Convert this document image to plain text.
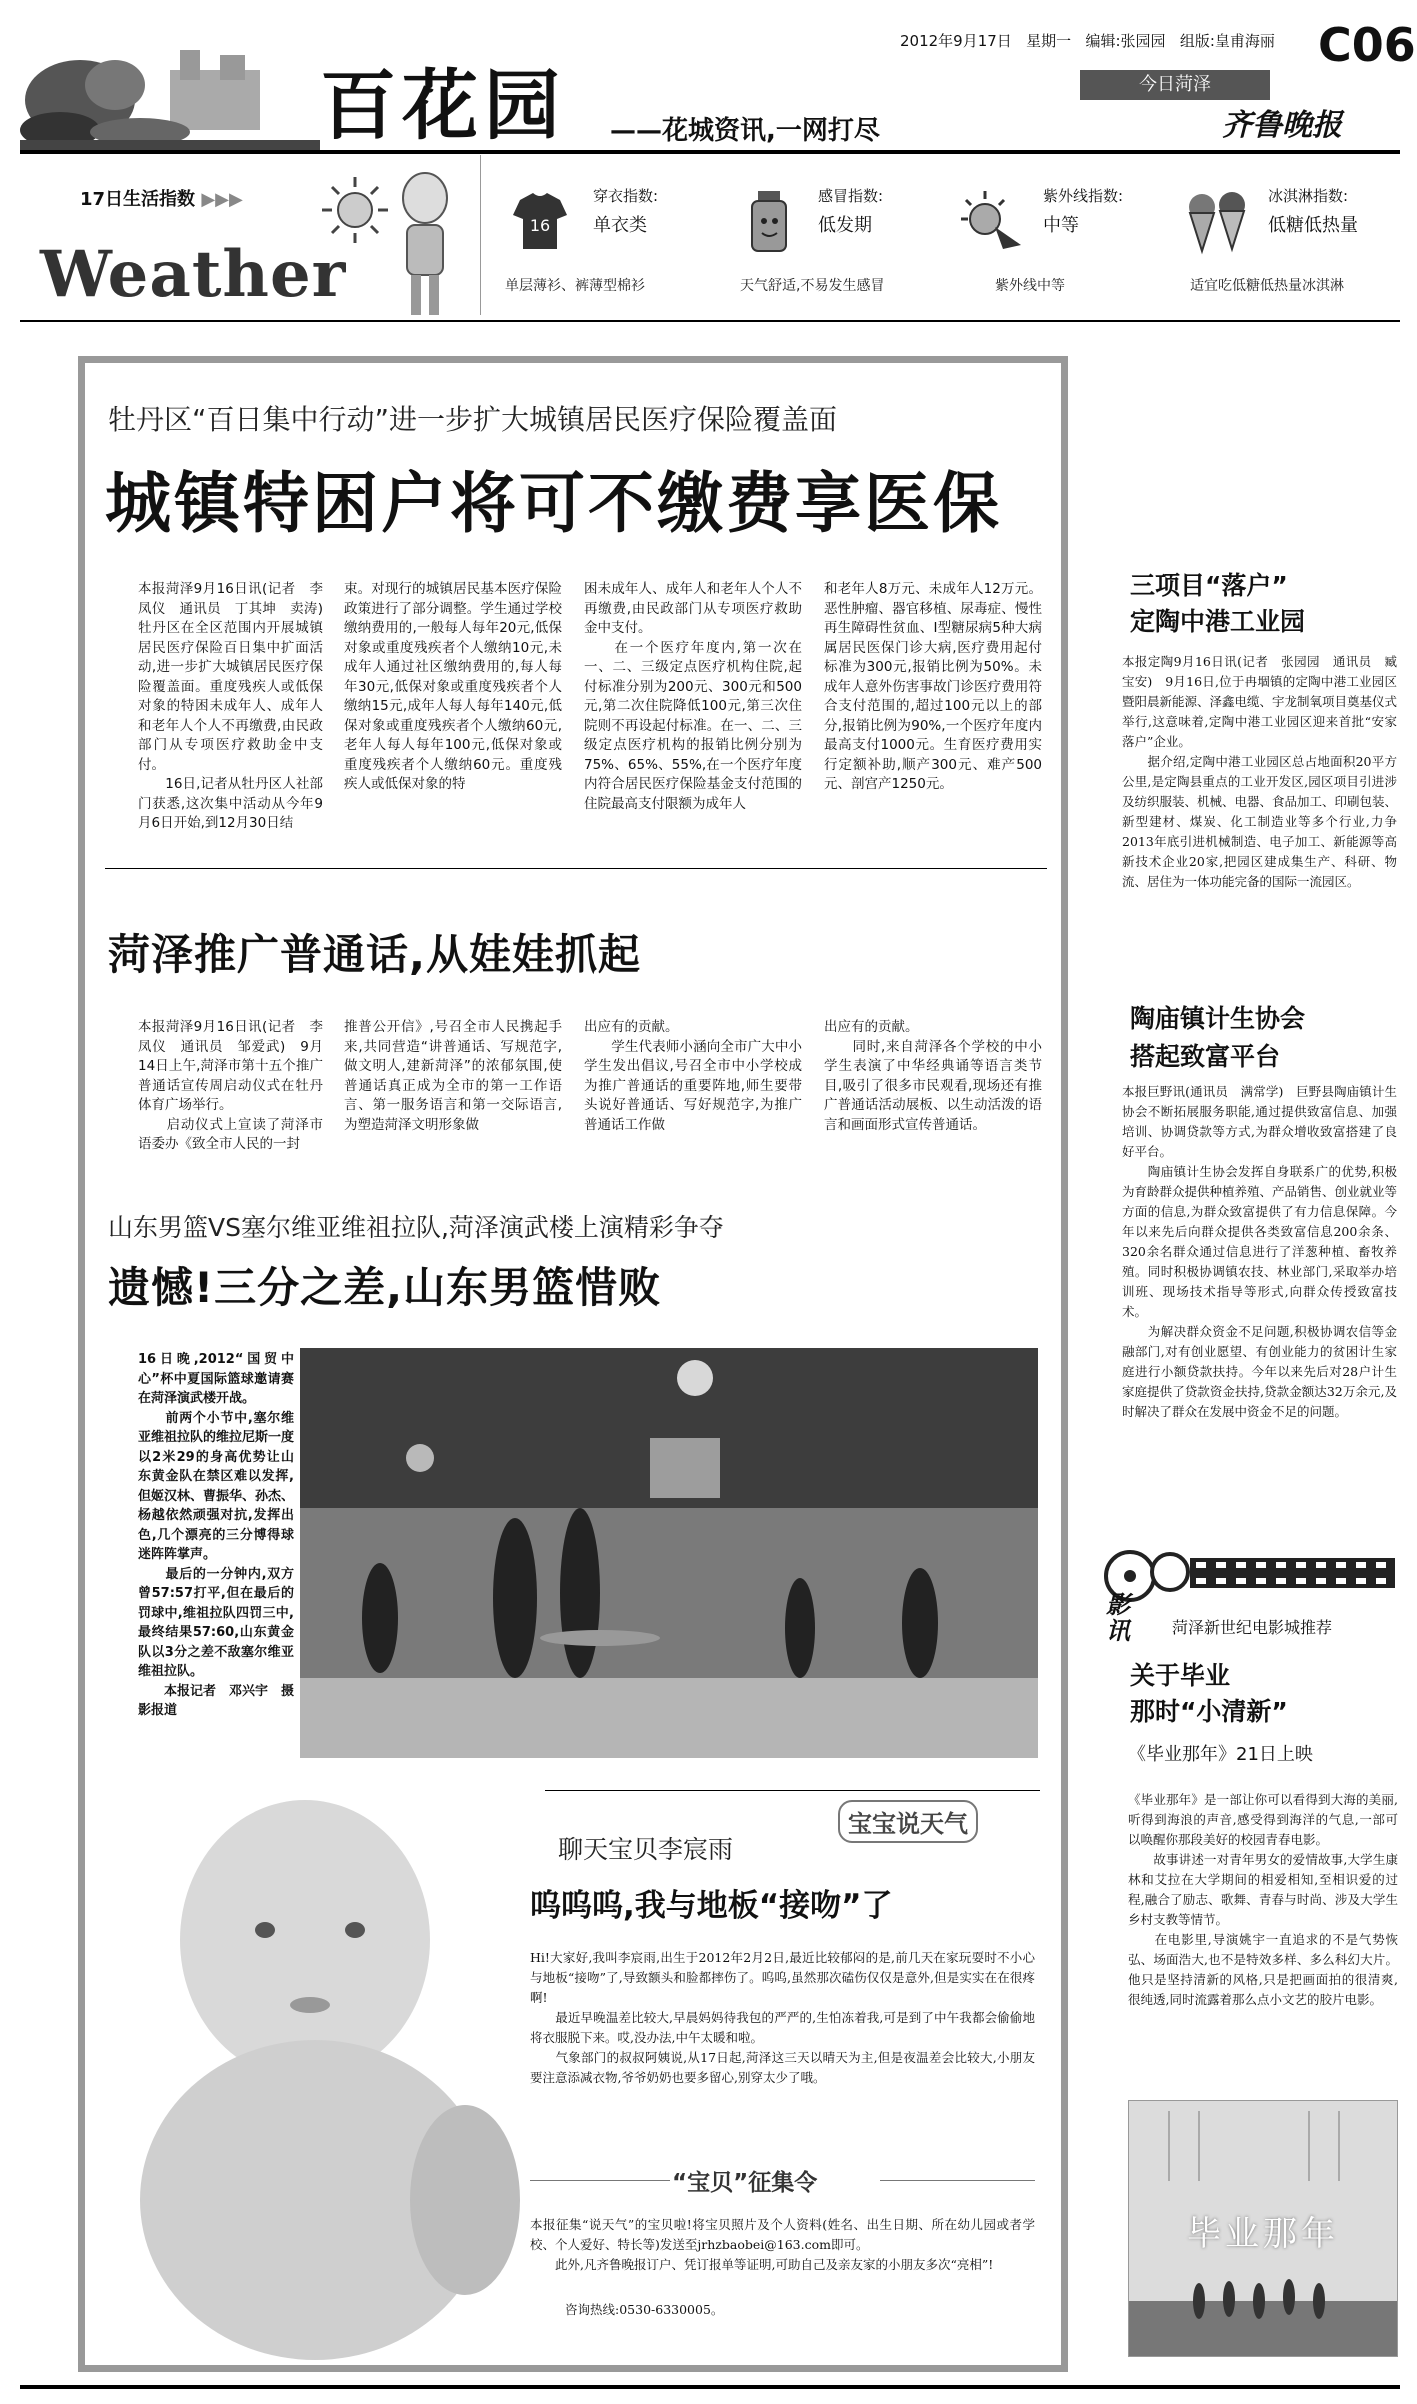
百花园 ——花城资讯,一网打尽
2012年9月17日 星期一 编辑:张园园 组版:皇甫海丽 C06
今日菏泽
齐鲁晚报
17日生活指数 ▶▶▶
Weather
16
穿衣指数:
单衣类
感冒指数:
低发期
紫外线指数:
中等
冰淇淋指数:
低糖低热量
单层薄衫、裤薄型棉衫	天气舒适,不易发生感冒	紫外线中等	适宜吃低糖低热量冰淇淋
牡丹区“百日集中行动”进一步扩大城镇居民医疗保险覆盖面
城镇特困户将可不缴费享医保
本报菏泽9月16日讯(记者　李凤仪　通讯员　丁其坤　卖涛)　牡丹区在全区范围内开展城镇居民医疗保险百日集中扩面活动,进一步扩大城镇居民医疗保险覆盖面。重度残疾人或低保对象的特困未成年人、成年人和老年人个人不再缴费,由民政部门从专项医疗救助金中支付。
　　16日,记者从牡丹区人社部门获悉,这次集中活动从今年9月6日开始,到12月30日结
束。对现行的城镇居民基本医疗保险政策进行了部分调整。学生通过学校缴纳费用的,一般每人每年20元,低保对象或重度残疾者个人缴纳10元,未成年人通过社区缴纳费用的,每人每年30元,低保对象或重度残疾者个人缴纳15元,成年人每人每年140元,低保对象或重度残疾者个人缴纳60元,老年人每人每年100元,低保对象或重度残疾者个人缴纳60元。重度残疾人或低保对象的特
困未成年人、成年人和老年人个人不再缴费,由民政部门从专项医疗救助金中支付。
　　在一个医疗年度内,第一次在一、二、三级定点医疗机构住院,起付标准分别为200元、300元和500元,第二次住院降低100元,第三次住院则不再设起付标准。在一、二、三级定点医疗机构的报销比例分别为75%、65%、55%,在一个医疗年度内符合居民医疗保险基金支付范围的住院最高支付限额为成年人
和老年人8万元、未成年人12万元。恶性肿瘤、器官移植、尿毒症、慢性再生障碍性贫血、Ⅰ型糖尿病5种大病属居民医保门诊大病,医疗费用起付标准为300元,报销比例为50%。未成年人意外伤害事故门诊医疗费用符合支付范围的,超过100元以上的部分,报销比例为90%,一个医疗年度内最高支付1000元。生育医疗费用实行定额补助,顺产300元、难产500元、剖宫产1250元。
菏泽推广普通话,从娃娃抓起
本报菏泽9月16日讯(记者　李凤仪　通讯员　邹爱武)　9月14日上午,菏泽市第十五个推广普通话宣传周启动仪式在牡丹体育广场举行。
　　启动仪式上宣读了菏泽市语委办《致全市人民的一封
推普公开信》,号召全市人民携起手来,共同营造“讲普通话、写规范字,做文明人,建新菏泽”的浓郁氛围,使普通话真正成为全市的第一工作语言、第一服务语言和第一交际语言,为塑造菏泽文明形象做
出应有的贡献。
　　学生代表师小涵向全市广大中小学生发出倡议,号召全市中小学校成为推广普通话的重要阵地,师生要带头说好普通话、写好规范字,为推广普通话工作做
出应有的贡献。
　　同时,来自菏泽各个学校的中小学生表演了中华经典诵等语言类节目,吸引了很多市民观看,现场还有推广普通话活动展板、以生动活泼的语言和画面形式宣传普通话。
山东男篮VS塞尔维亚维祖拉队,菏泽演武楼上演精彩争夺
遗憾!三分之差,山东男篮惜败
16日晚,2012“国贸中心”杯中夏国际篮球邀请赛在菏泽演武楼开战。
　　前两个小节中,塞尔维亚维祖拉队的维拉尼斯一度以2米29的身高优势让山东黄金队在禁区难以发挥,但姬汉林、曹振华、孙杰、杨越依然顽强对抗,发挥出色,几个漂亮的三分博得球迷阵阵掌声。
　　最后的一分钟内,双方曾57:57打平,但在最后的罚球中,维祖拉队四罚三中,最终结果57:60,山东黄金队以3分之差不敌塞尔维亚维祖拉队。
　　本报记者　邓兴宇　摄影报道
宝宝说天气
聊天宝贝李宸雨
呜呜呜,我与地板“接吻”了
Hi!大家好,我叫李宸雨,出生于2012年2月2日,最近比较郁闷的是,前几天在家玩耍时不小心与地板“接吻”了,导致额头和脸都摔伤了。呜呜,虽然那次磕伤仅仅是意外,但是实实在在很疼啊!
　　最近早晚温差比较大,早晨妈妈待我包的严严的,生怕冻着我,可是到了中午我都会偷偷地将衣服脱下来。哎,没办法,中午太暖和啦。
　　气象部门的叔叔阿姨说,从17日起,菏泽这三天以晴天为主,但是夜温差会比较大,小朋友要注意添减衣物,爷爷奶奶也要多留心,别穿太少了哦。
“宝贝”征集令
本报征集“说天气”的宝贝啦!将宝贝照片及个人资料(姓名、出生日期、所在幼儿园或者学校、个人爱好、特长等)发送至jrhzbaobei@163.com即可。
　　此外,凡齐鲁晚报订户、凭订报单等证明,可助自己及亲友家的小朋友多次“亮相”!
咨询热线:0530-6330005。
三项目“落户”
定陶中港工业园
本报定陶9月16日讯(记者　张园园　通讯员　臧宝安)　9月16日,位于冉堌镇的定陶中港工业园区暨阳晨新能源、泽鑫电缆、宇龙制氧项目奠基仪式举行,这意味着,定陶中港工业园区迎来首批“安家落户”企业。
　　据介绍,定陶中港工业园区总占地面积20平方公里,是定陶县重点的工业开发区,园区项目引进涉及纺织服装、机械、电器、食品加工、印刷包装、新型建材、煤炭、化工制造业等多个行业,力争2013年底引进机械制造、电子加工、新能源等高新技术企业20家,把园区建成集生产、科研、物流、居住为一体功能完备的国际一流园区。
陶庙镇计生协会
搭起致富平台
本报巨野讯(通讯员　满常学)　巨野县陶庙镇计生协会不断拓展服务职能,通过提供致富信息、加强培训、协调贷款等方式,为群众增收致富搭建了良好平台。
　　陶庙镇计生协会发挥自身联系广的优势,积极为育龄群众提供种植养殖、产品销售、创业就业等方面的信息,为群众致富提供了有力信息保障。今年以来先后向群众提供各类致富信息200余条、320余名群众通过信息进行了洋葱种植、畜牧养殖。同时积极协调镇农技、林业部门,采取举办培训班、现场技术指导等形式,向群众传授致富技术。
　　为解决群众资金不足问题,积极协调农信等金融部门,对有创业愿望、有创业能力的贫困计生家庭进行小额贷款扶持。今年以来先后对28户计生家庭提供了贷款资金扶持,贷款金额达32万余元,及时解决了群众在发展中资金不足的问题。
影讯	菏泽新世纪电影城推荐
关于毕业
那时“小清新”
《毕业那年》21日上映
《毕业那年》是一部让你可以看得到大海的美丽,听得到海浪的声音,感受得到海洋的气息,一部可以唤醒你那段美好的校园青春电影。
　　故事讲述一对青年男女的爱情故事,大学生康林和艾拉在大学期间的相爱相知,至相识爱的过程,融合了励志、歌舞、青春与时尚、涉及大学生乡村支教等情节。
　　在电影里,导演姚宇一直追求的不是气势恢弘、场面浩大,也不是特效多样、多么科幻大片。他只是坚持清新的风格,只是把画面拍的很清爽,很纯透,同时流露着那么点小文艺的胶片电影。
毕业那年
